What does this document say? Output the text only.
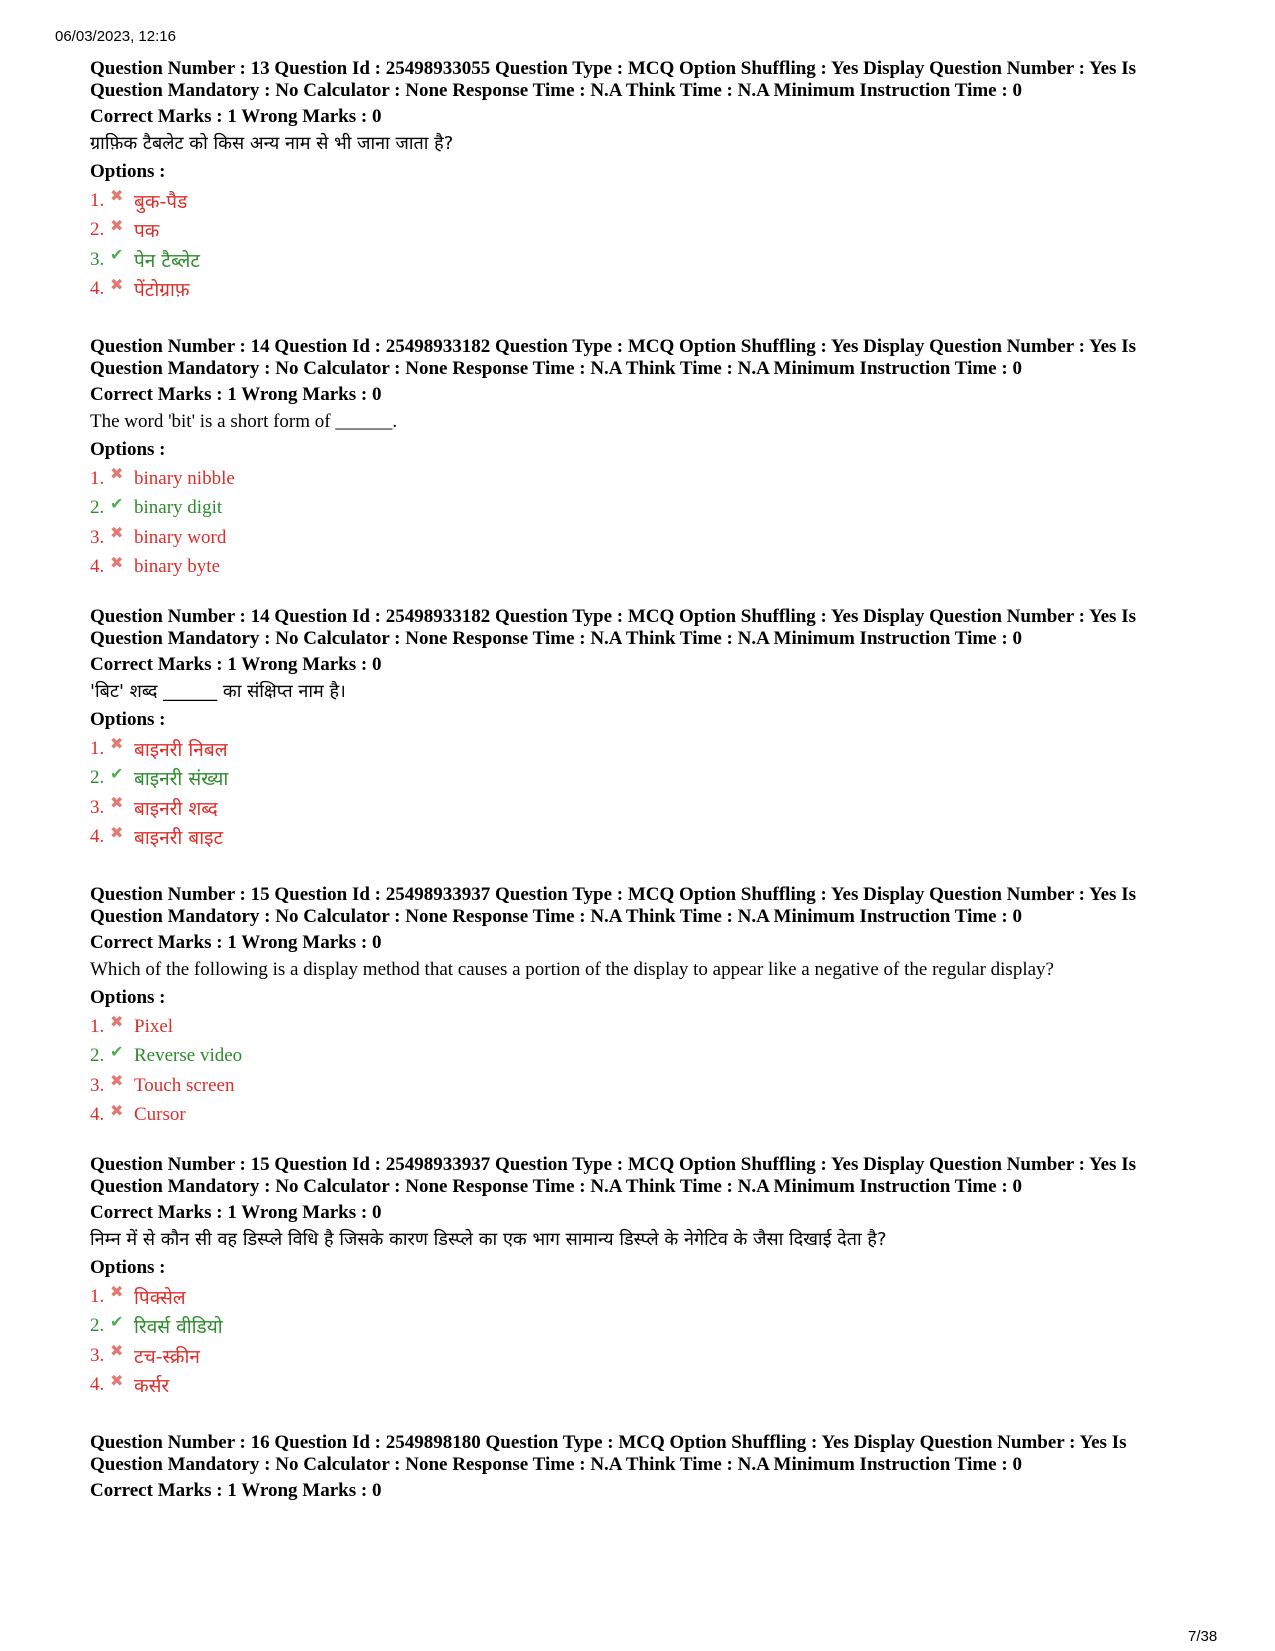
06/03/2023, 12:16
Question Number : 13 Question Id : 25498933055 Question Type : MCQ Option Shuffling : Yes Display Question Number : Yes Is
Question Mandatory : No Calculator : None Response Time : N.A Think Time : N.A Minimum Instruction Time : 0
Correct Marks : 1 Wrong Marks : 0
ग्राफ़िक टैबलेट को किस अन्य नाम से भी जाना जाता है?
Options :
1. ✖ बुक-पैड
2. ✖ पक
3. ✔ पेन टैब्लेट
4. ✖ पेंटोग्राफ़
Question Number : 14 Question Id : 25498933182 Question Type : MCQ Option Shuffling : Yes Display Question Number : Yes Is
Question Mandatory : No Calculator : None Response Time : N.A Think Time : N.A Minimum Instruction Time : 0
Correct Marks : 1 Wrong Marks : 0
The word 'bit' is a short form of ______.
Options :
1. ✖ binary nibble
2. ✔ binary digit
3. ✖ binary word
4. ✖ binary byte
Question Number : 14 Question Id : 25498933182 Question Type : MCQ Option Shuffling : Yes Display Question Number : Yes Is
Question Mandatory : No Calculator : None Response Time : N.A Think Time : N.A Minimum Instruction Time : 0
Correct Marks : 1 Wrong Marks : 0
'बिट' शब्द ______ का संक्षिप्त नाम है।
Options :
1. ✖ बाइनरी निबल
2. ✔ बाइनरी संख्या
3. ✖ बाइनरी शब्द
4. ✖ बाइनरी बाइट
Question Number : 15 Question Id : 25498933937 Question Type : MCQ Option Shuffling : Yes Display Question Number : Yes Is
Question Mandatory : No Calculator : None Response Time : N.A Think Time : N.A Minimum Instruction Time : 0
Correct Marks : 1 Wrong Marks : 0
Which of the following is a display method that causes a portion of the display to appear like a negative of the regular display?
Options :
1. ✖ Pixel
2. ✔ Reverse video
3. ✖ Touch screen
4. ✖ Cursor
Question Number : 15 Question Id : 25498933937 Question Type : MCQ Option Shuffling : Yes Display Question Number : Yes Is
Question Mandatory : No Calculator : None Response Time : N.A Think Time : N.A Minimum Instruction Time : 0
Correct Marks : 1 Wrong Marks : 0
निम्न में से कौन सी वह डिस्प्ले विधि है जिसके कारण डिस्प्ले का एक भाग सामान्य डिस्प्ले के नेगेटिव के जैसा दिखाई देता है?
Options :
1. ✖ पिक्सेल
2. ✔ रिवर्स वीडियो
3. ✖ टच-स्क्रीन
4. ✖ कर्सर
Question Number : 16 Question Id : 2549898180 Question Type : MCQ Option Shuffling : Yes Display Question Number : Yes Is
Question Mandatory : No Calculator : None Response Time : N.A Think Time : N.A Minimum Instruction Time : 0
Correct Marks : 1 Wrong Marks : 0
7/38
